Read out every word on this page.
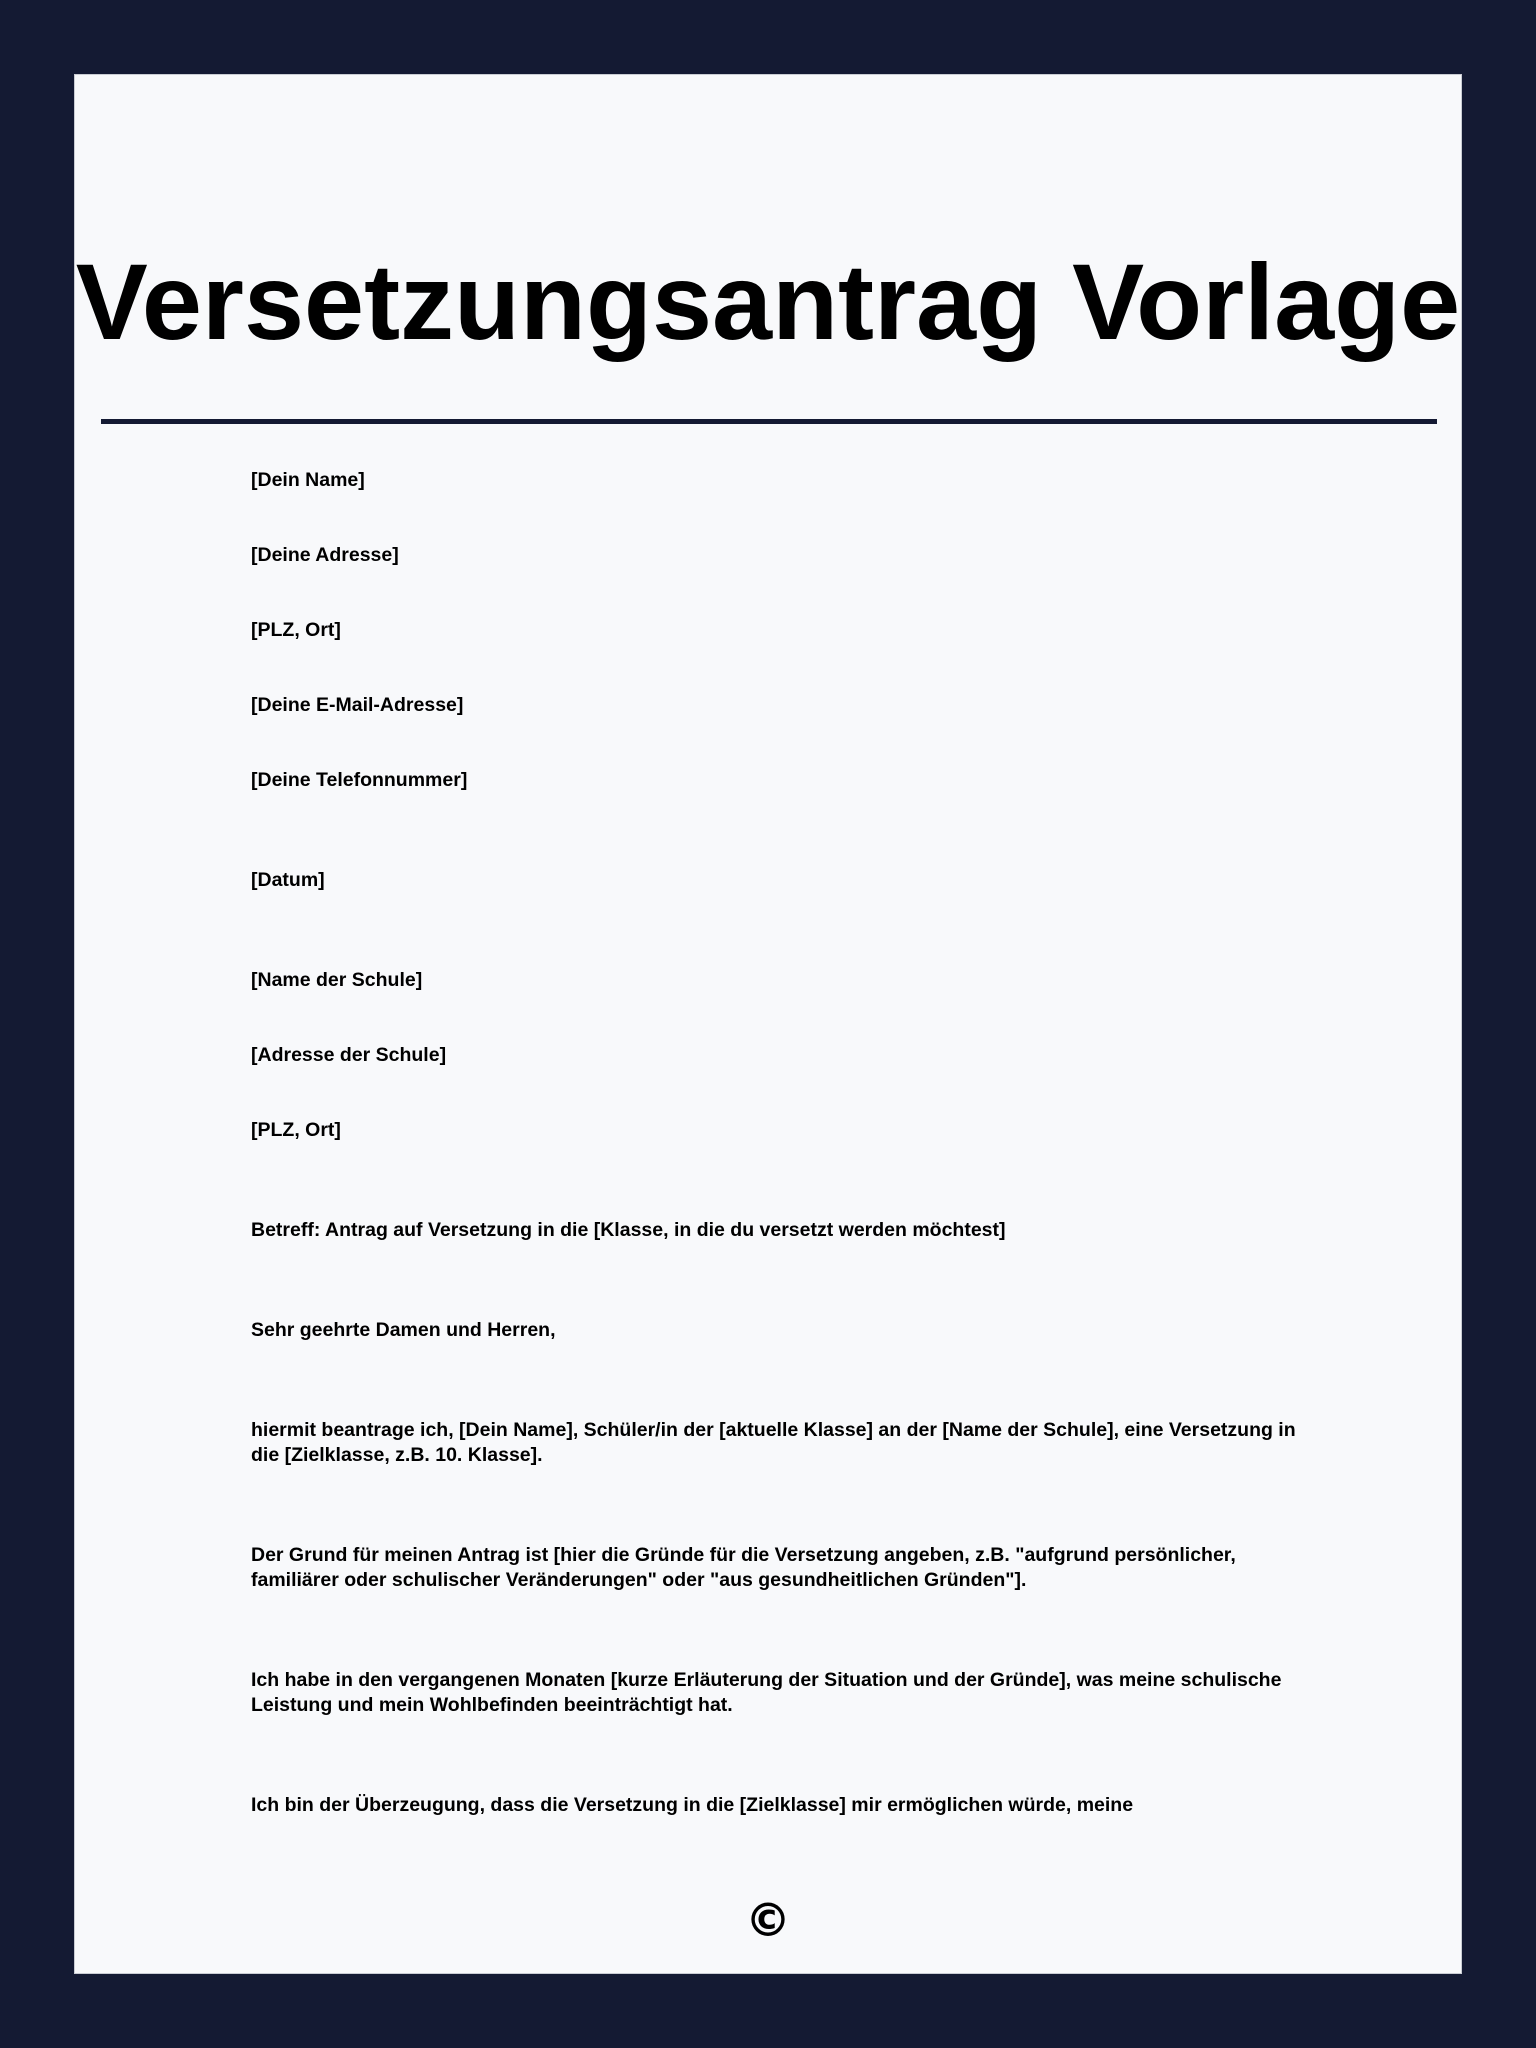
Versetzungsantrag Vorlage

[Dein Name]

[Deine Adresse]

[PLZ, Ort]

[Deine E-Mail-Adresse]

[Deine Telefonnummer]

[Datum]

[Name der Schule]

[Adresse der Schule]

[PLZ, Ort]

Betreff: Antrag auf Versetzung in die [Klasse, in die du versetzt werden möchtest]

Sehr geehrte Damen und Herren,

hiermit beantrage ich, [Dein Name], Schüler/in der [aktuelle Klasse] an der [Name der Schule], eine Versetzung in die [Zielklasse, z.B. 10. Klasse].

Der Grund für meinen Antrag ist [hier die Gründe für die Versetzung angeben, z.B. "aufgrund persönlicher, familiärer oder schulischer Veränderungen" oder "aus gesundheitlichen Gründen"].

Ich habe in den vergangenen Monaten [kurze Erläuterung der Situation und der Gründe], was meine schulische Leistung und mein Wohlbefinden beeinträchtigt hat.

Ich bin der Überzeugung, dass die Versetzung in die [Zielklasse] mir ermöglichen würde, meine

©
